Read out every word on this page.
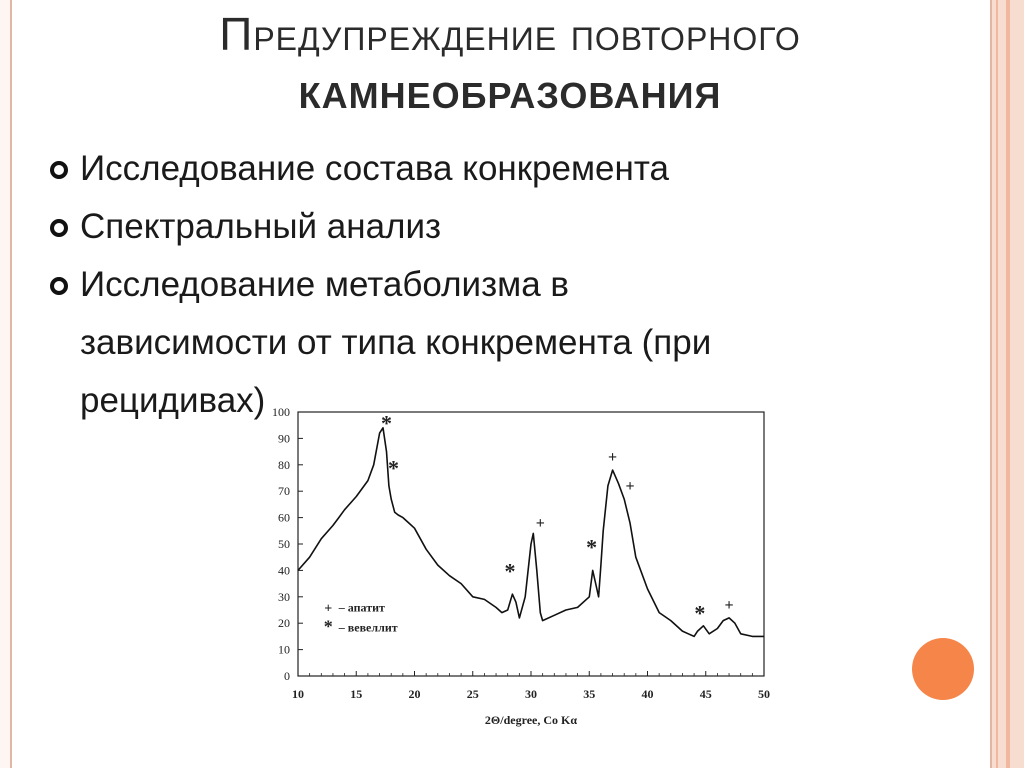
Предупреждение повторного
КАМНЕОБРАЗОВАНИЯ
Исследование состава конкремента
Спектральный анализ
Исследование метаболизма в
зависимости от типа конкремента (при
рецидивах)
0
10
20
30
40
50
60
70
80
90
100
10	15	20	25	30	35	40	45	50
2Θ/degree, Co Kα
*
*
*
+
*
+
+
* +
+ – апатит
* – вевеллит
